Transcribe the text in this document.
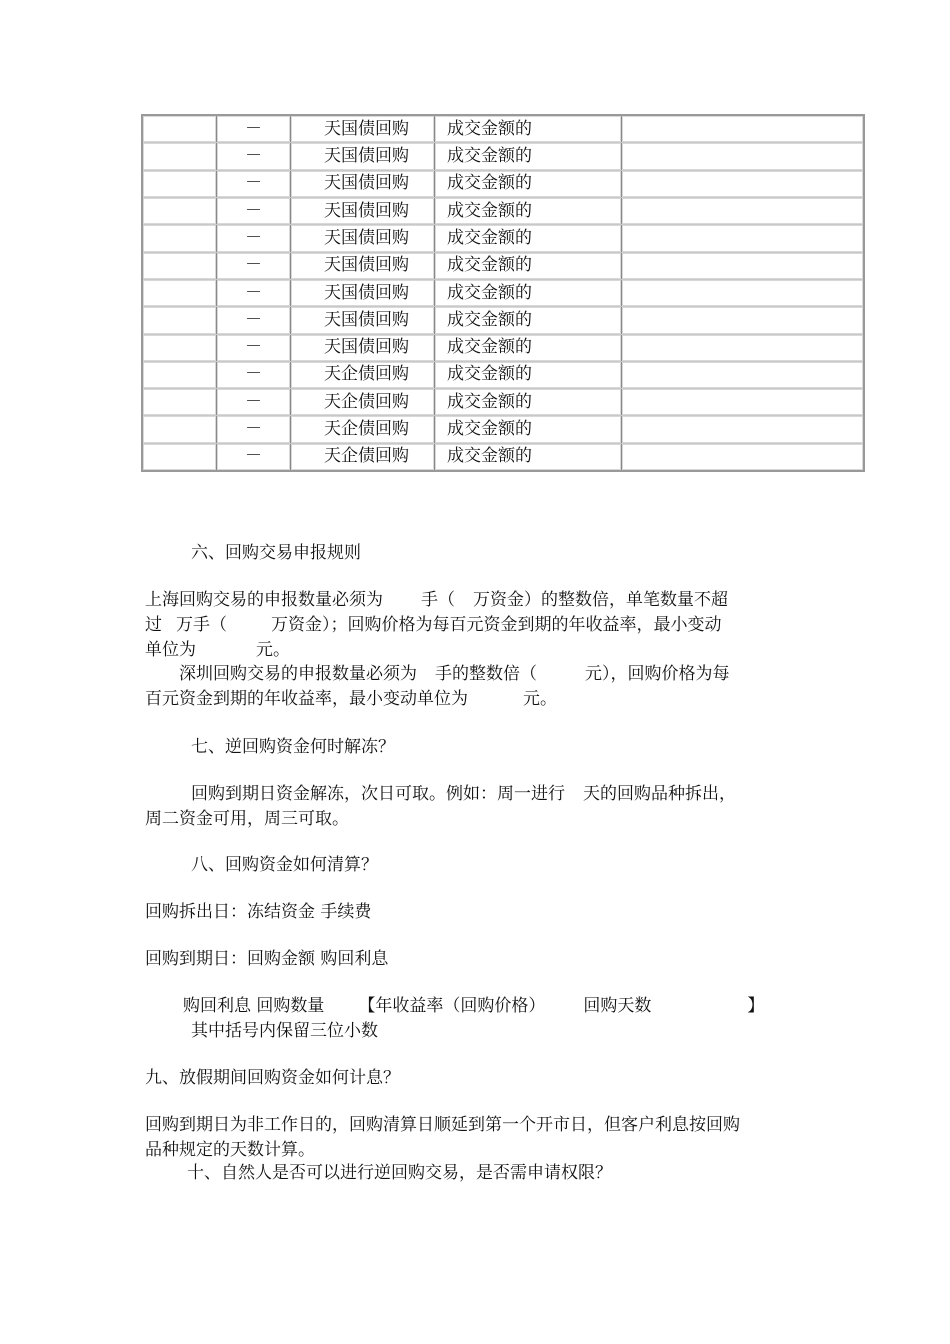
－	天国债回购	成交金额的
－	天国债回购	成交金额的
－	天国债回购	成交金额的
－	天国债回购	成交金额的
－	天国债回购	成交金额的
－	天国债回购	成交金额的
－	天国债回购	成交金额的
－	天国债回购	成交金额的
－	天国债回购	成交金额的
－	天企债回购	成交金额的
－	天企债回购	成交金额的
－	天企债回购	成交金额的
－	天企债回购	成交金额的
六、回购交易申报规则
上海回购交易的申报数量必须为 手（ 万资金）的整数倍，单笔数量不超
过 万手（	万资金）；回购价格为每百元资金到期的年收益率，最小变动
单位为	元。
深圳回购交易的申报数量必须为 手的整数倍（	元），回购价格为每
百元资金到期的年收益率，最小变动单位为	元。
七、逆回购资金何时解冻？
回购到期日资金解冻，次日可取。例如：周一进行 天的回购品种拆出，
周二资金可用，周三可取。
八、回购资金如何清算？
回购拆出日：冻结资金 手续费
回购到期日：回购金额 购回利息
购回利息 回购数量 【年收益率（回购价格） 回购天数	】
其中括号内保留三位小数
九、放假期间回购资金如何计息？
回购到期日为非工作日的，回购清算日顺延到第一个开市日，但客户利息按回购
品种规定的天数计算。
十、自然人是否可以进行逆回购交易，是否需申请权限？
